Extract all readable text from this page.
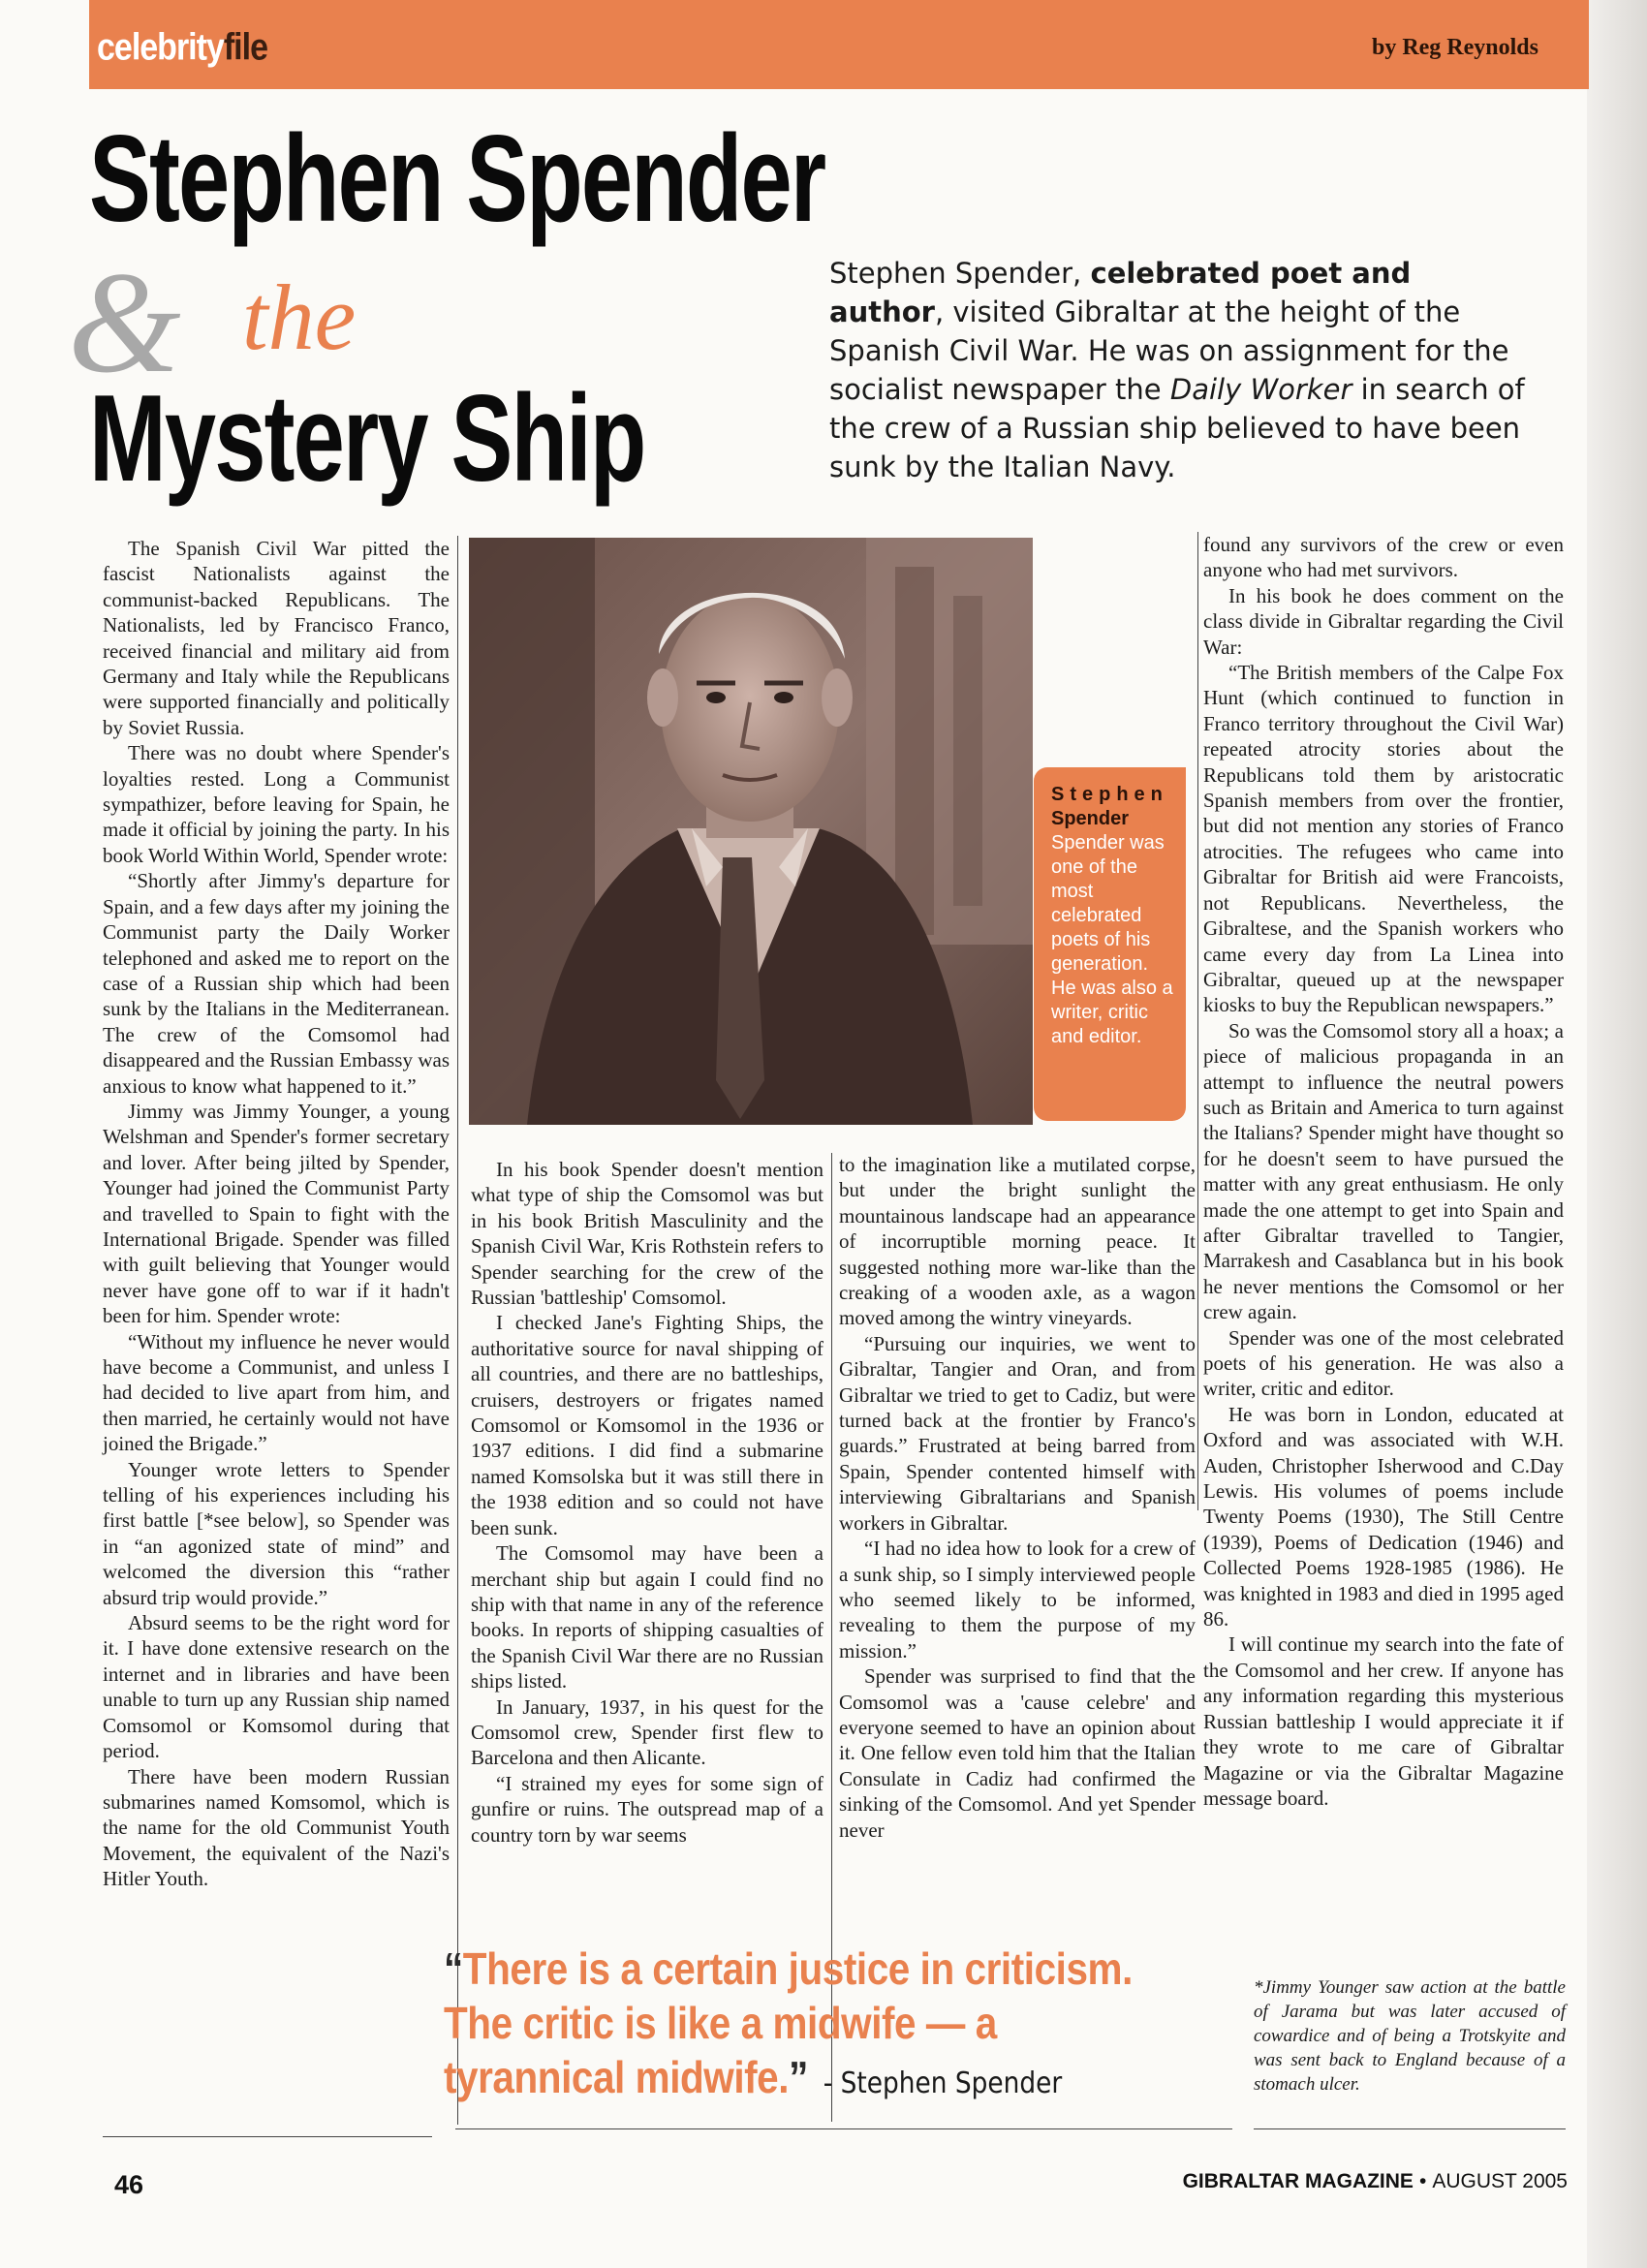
celebrityfile	by Reg Reynolds
Stephen Spender
& the
Mystery Ship
Stephen Spender, celebrated poet and author, visited Gibraltar at the height of the Spanish Civil War. He was on assignment for the socialist newspaper the Daily Worker in search of the crew of a Russian ship believed to have been sunk by the Italian Navy.
Stephen
Spender
Spender was one of the most celebrated poets of his generation. He was also a writer, critic and editor.

The Spanish Civil War pitted the fascist Nationalists against the communist-backed Republicans. The Nationalists, led by Francisco Franco, received financial and military aid from Germany and Italy while the Republicans were supported financially and politically by Soviet Russia.

There was no doubt where Spender's loyalties rested. Long a Communist sympathizer, before leaving for Spain, he made it official by joining the party. In his book World Within World, Spender wrote:

“Shortly after Jimmy's departure for Spain, and a few days after my joining the Communist party the Daily Worker telephoned and asked me to report on the case of a Russian ship which had been sunk by the Italians in the Mediterranean. The crew of the Comsomol had disappeared and the Russian Embassy was anxious to know what happened to it.”

Jimmy was Jimmy Younger, a young Welshman and Spender's former secretary and lover. After being jilted by Spender, Younger had joined the Communist Party and travelled to Spain to fight with the International Brigade. Spender was filled with guilt believing that Younger would never have gone off to war if it hadn't been for him. Spender wrote:

“Without my influence he never would have become a Communist, and unless I had decided to live apart from him, and then married, he certainly would not have joined the Brigade.”

Younger wrote letters to Spender telling of his experiences including his first battle [*see below], so Spender was in “an agonized state of mind” and welcomed the diversion this “rather absurd trip would provide.”

Absurd seems to be the right word for it. I have done extensive research on the internet and in libraries and have been unable to turn up any Russian ship named Comsomol or Komsomol during that period.

There have been modern Russian submarines named Komsomol, which is the name for the old Communist Youth Movement, the equivalent of the Nazi's Hitler Youth.

In his book Spender doesn't mention what type of ship the Comsomol was but in his book British Masculinity and the Spanish Civil War, Kris Rothstein refers to Spender searching for the crew of the Russian 'battleship' Comsomol.

I checked Jane's Fighting Ships, the authoritative source for naval shipping of all countries, and there are no battleships, cruisers, destroyers or frigates named Comsomol or Komsomol in the 1936 or 1937 editions. I did find a submarine named Komsolska but it was still there in the 1938 edition and so could not have been sunk.

The Comsomol may have been a merchant ship but again I could find no ship with that name in any of the reference books. In reports of shipping casualties of the Spanish Civil War there are no Russian ships listed.

In January, 1937, in his quest for the Comsomol crew, Spender first flew to Barcelona and then Alicante.

“I strained my eyes for some sign of gunfire or ruins. The outspread map of a country torn by war seems

to the imagination like a mutilated corpse, but under the bright sunlight the mountainous landscape had an appearance of incorruptible morning peace. It suggested nothing more war-like than the creaking of a wooden axle, as a wagon moved among the wintry vineyards.

“Pursuing our inquiries, we went to Gibraltar, Tangier and Oran, and from Gibraltar we tried to get to Cadiz, but were turned back at the frontier by Franco's guards.” Frustrated at being barred from Spain, Spender contented himself with interviewing Gibraltarians and Spanish workers in Gibraltar.

“I had no idea how to look for a crew of a sunk ship, so I simply interviewed people who seemed likely to be informed, revealing to them the purpose of my mission.”

Spender was surprised to find that the Comsomol was a 'cause celebre' and everyone seemed to have an opinion about it. One fellow even told him that the Italian Consulate in Cadiz had confirmed the sinking of the Comsomol. And yet Spender never

found any survivors of the crew or even anyone who had met survivors.

In his book he does comment on the class divide in Gibraltar regarding the Civil War:

“The British members of the Calpe Fox Hunt (which continued to function in Franco territory throughout the Civil War) repeated atrocity stories about the Republicans told them by aristocratic Spanish members from over the frontier, but did not mention any stories of Franco atrocities. The refugees who came into Gibraltar for British aid were Francoists, not Republicans. Nevertheless, the Gibraltese, and the Spanish workers who came every day from La Linea into Gibraltar, queued up at the newspaper kiosks to buy the Republican newspapers.”

So was the Comsomol story all a hoax; a piece of malicious propaganda in an attempt to influence the neutral powers such as Britain and America to turn against the Italians? Spender might have thought so for he doesn't seem to have pursued the matter with any great enthusiasm. He only made the one attempt to get into Spain and after Gibraltar travelled to Tangier, Marrakesh and Casablanca but in his book he never mentions the Comsomol or her crew again.

Spender was one of the most celebrated poets of his generation. He was also a writer, critic and editor.

He was born in London, educated at Oxford and was associated with W.H. Auden, Christopher Isherwood and C.Day Lewis. His volumes of poems include Twenty Poems (1930), The Still Centre (1939), Poems of Dedication (1946) and Collected Poems 1928-1985 (1986). He was knighted in 1983 and died in 1995 aged 86.

I will continue my search into the fate of the Comsomol and her crew. If anyone has any information regarding this mysterious Russian battleship I would appreciate it if they wrote to me care of Gibraltar Magazine or via the Gibraltar Magazine message board.

“There is a certain justice in criticism. The critic is like a midwife — a tyrannical midwife.” - Stephen Spender
*Jimmy Younger saw action at the battle of Jarama but was later accused of cowardice and of being a Trotskyite and was sent back to England because of a stomach ulcer.
46	GIBRALTAR MAGAZINE • AUGUST 2005
